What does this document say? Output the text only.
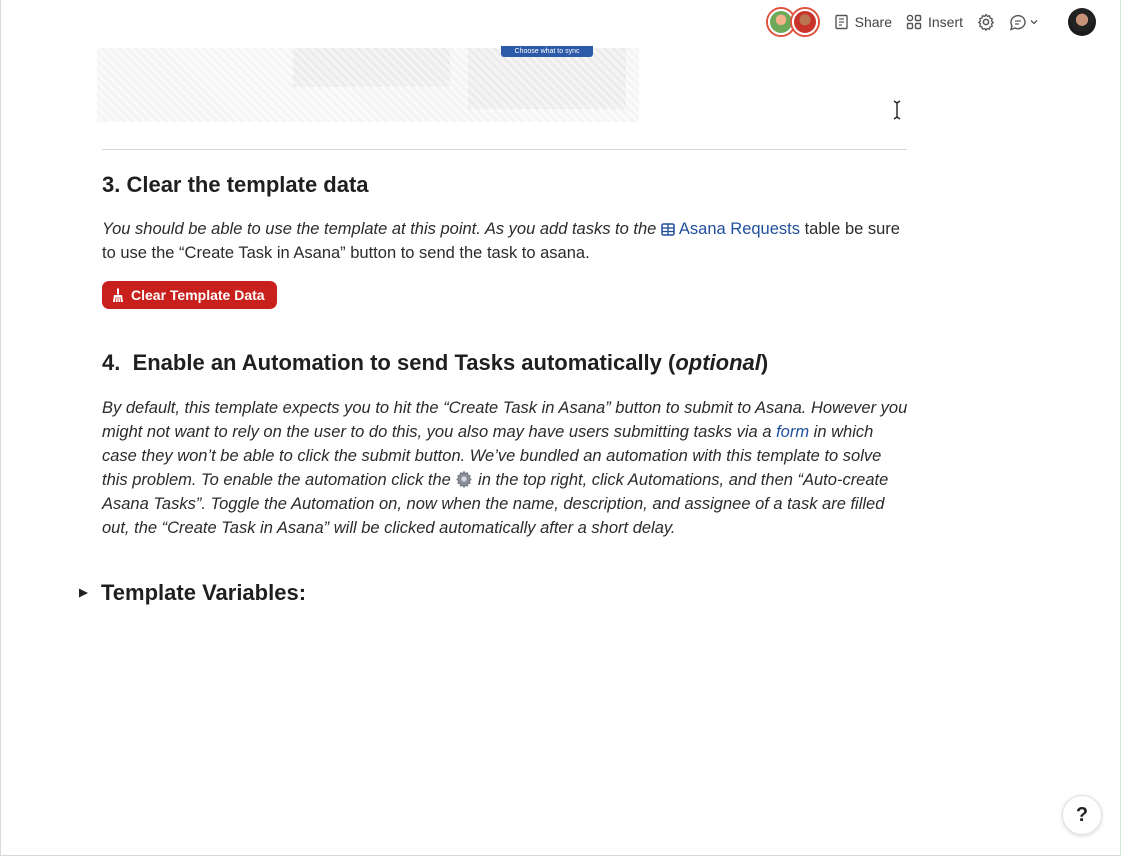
Share	Insert
Choose what to sync
3. Clear the template data
You should be able to use the template at this point. As you add tasks to the Asana Requests table be sure to use the “Create Task in Asana” button to send the task to asana.
Clear Template Data
4.  Enable an Automation to send Tasks automatically (optional)
By default, this template expects you to hit the “Create Task in Asana” button to submit to Asana. However you might not want to rely on the user to do this, you also may have users submitting tasks via a form in which case they won’t be able to click the submit button. We’ve bundled an automation with this template to solve this problem. To enable the automation click the  in the top right, click Automations, and then “Auto-create Asana Tasks”. Toggle the Automation on, now when the name, description, and assignee of a task are filled out, the “Create Task in Asana” will be clicked automatically after a short delay.
Template Variables:
?
